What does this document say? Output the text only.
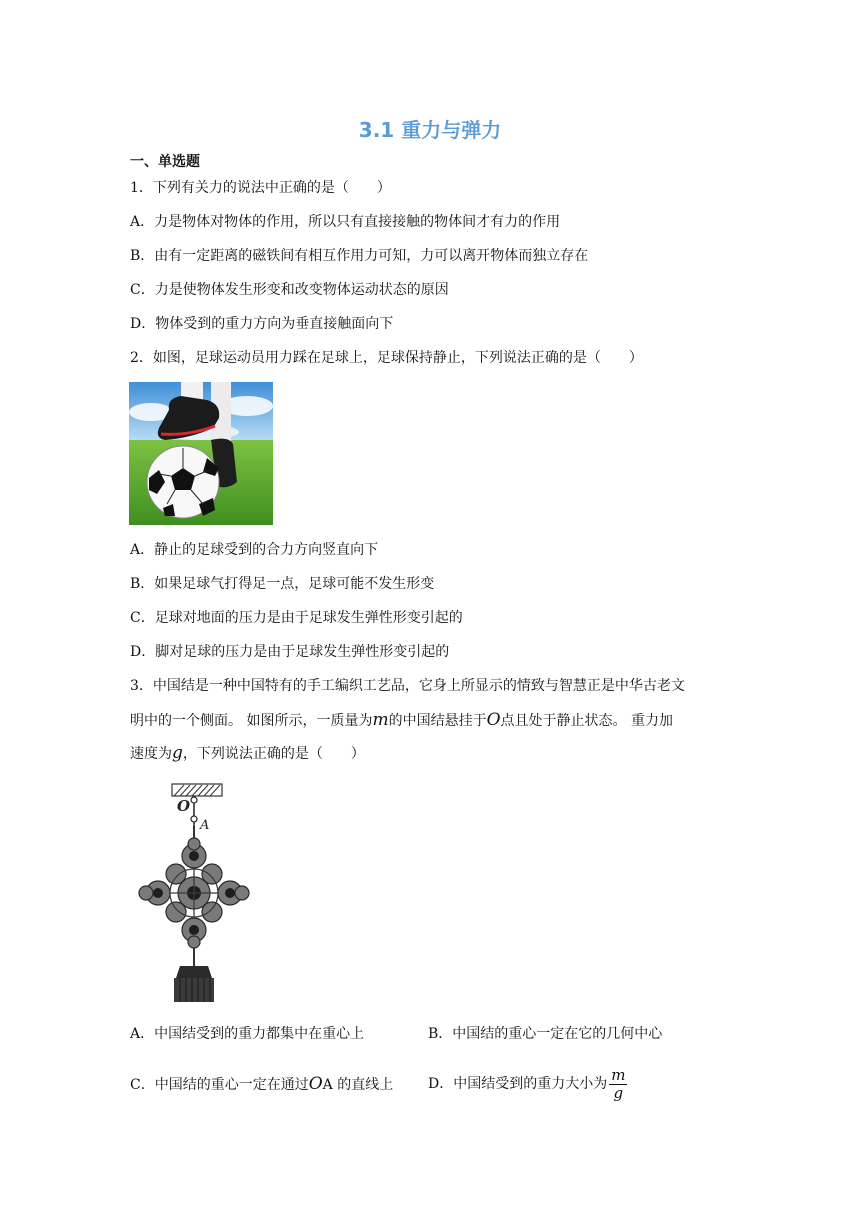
3.1 重力与弹力
一、单选题
1．下列有关力的说法中正确的是（　　）
A．力是物体对物体的作用，所以只有直接接触的物体间才有力的作用
B．由有一定距离的磁铁间有相互作用力可知，力可以离开物体而独立存在
C．力是使物体发生形变和改变物体运动状态的原因
D．物体受到的重力方向为垂直接触面向下
2．如图，足球运动员用力踩在足球上，足球保持静止，下列说法正确的是（　　）
A．静止的足球受到的合力方向竖直向下
B．如果足球气打得足一点，足球可能不发生形变
C．足球对地面的压力是由于足球发生弹性形变引起的
D．脚对足球的压力是由于足球发生弹性形变引起的
3．中国结是一种中国特有的手工编织工艺品，它身上所显示的情致与智慧正是中华古老文
明中的一个侧面。 如图所示，一质量为m的中国结悬挂于O点且处于静止状态。 重力加
速度为g，下列说法正确的是（　　）
O
A
A．中国结受到的重力都集中在重心上	B．中国结的重心一定在它的几何中心
C．中国结的重心一定在通过OA 的直线上 D．中国结受到的重力大小为 $\frac{m}{g}$
